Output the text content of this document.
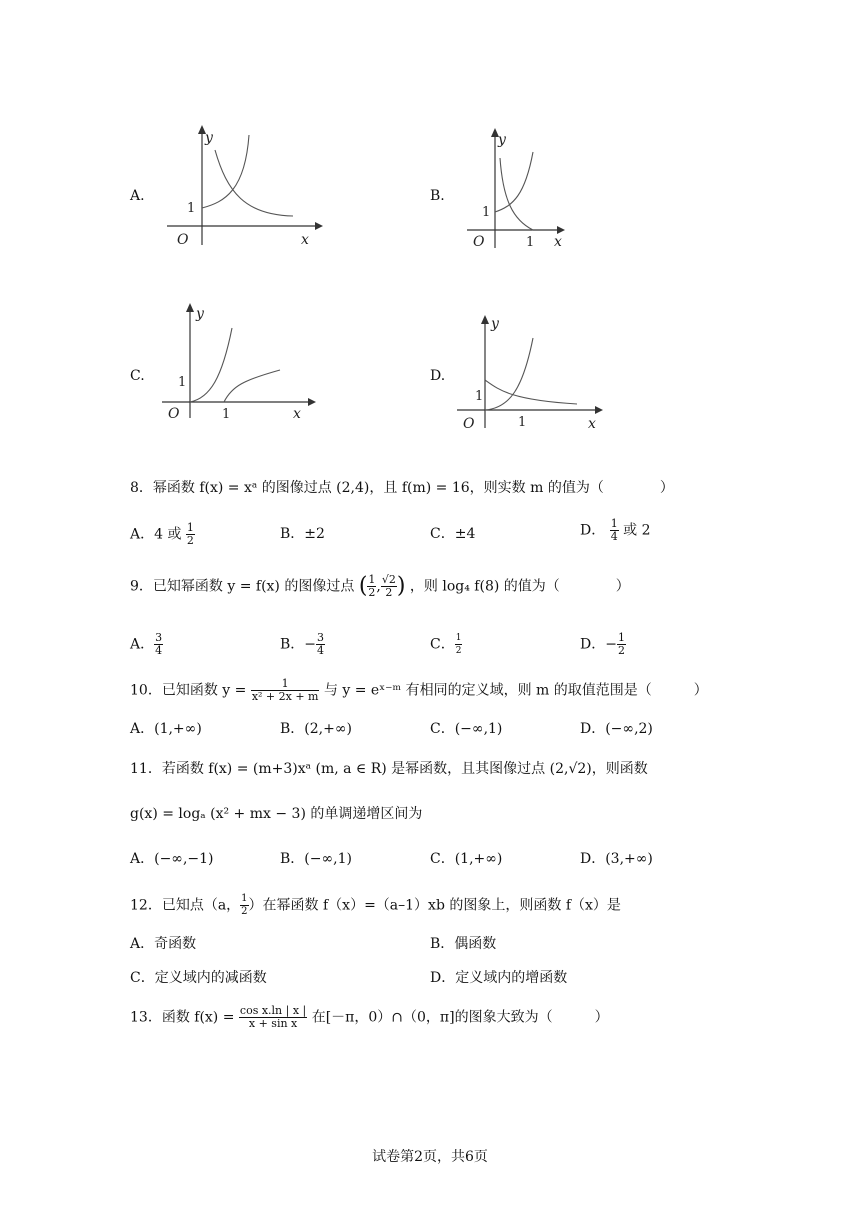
A.	B.
C.	D.
y
1
O	x
y
1
O	1 x
y
1
O	1	x
y
1
O	1	x
8．幂函数 f(x) = xᵃ 的图像过点 (2,4)，且 f(m) = 16，则实数 m 的值为（　　　　）
A．4 或 $\frac{1}{2}$	B．±2	C．±4	D． $\frac{1}{4}$ 或 2
9．已知幂函数 y = f(x) 的图像过点 ( $\frac{1}{2}$ , $\frac{√2}{2}$ ) ，则 log₄ f(8) 的值为（　　　　）
A． $\frac{3}{4}$	B．− $\frac{3}{4}$	C． $\frac{1}{2}$	D．− $\frac{1}{2}$
10．已知函数 $y = \frac{1}{\text{x² + 2x + m}}$ 与 y = eˣ⁻ᵐ 有相同的定义域，则 m 的取值范围是（　　　）
A．(1,+∞)	B．(2,+∞)	C．(−∞,1)	D．(−∞,2)
11．若函数 f(x) = (m+3)xᵃ (m, a ∈ R) 是幂函数，且其图像过点 (2,√2)，则函数
g(x) = logₐ (x² + mx − 3) 的单调递增区间为
A．(−∞,−1)	B．(−∞,1)	C．(1,+∞)	D．(3,+∞)
12．已知点（a， $\frac{1}{2}$ ）在幂函数 f（x）=（a–1）xb 的图象上，则函数 f（x）是
A．奇函数	B．偶函数
C．定义域内的减函数	D．定义域内的增函数
13．函数 $f(x) = \frac{\text{cos x.ln | x |}}{\text{x + sin x}}$ 在[－π，0）∩（0，π]的图象大致为（　　　）
试卷第2页，共6页
